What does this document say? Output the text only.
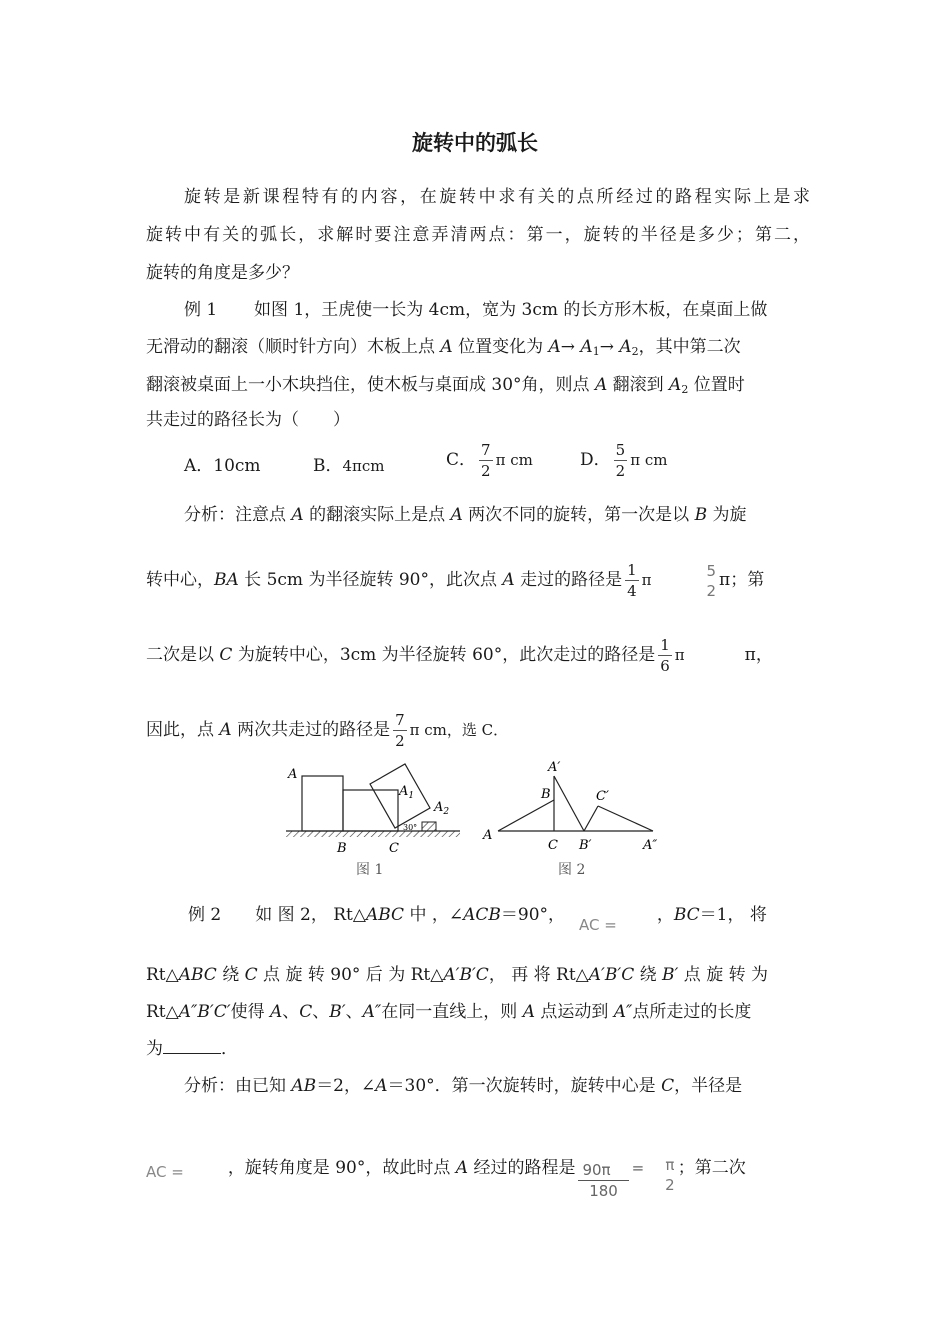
旋转中的弧长
旋转是新课程特有的内容，在旋转中求有关的点所经过的路程实际上是求
旋转中有关的弧长，求解时要注意弄清两点：第一，旋转的半径是多少；第二，
旋转的角度是多少？
例 1 如图 1，王虎使一长为 4cm，宽为 3cm 的长方形木板，在桌面上做
无滑动的翻滚（顺时针方向）木板上点 A 位置变化为 $A\to A_1\to A_2$，其中第二次
翻滚被桌面上一小木块挡住，使木板与桌面成 30°角，则点 A 翻滚到 $A_2$ 位置时
共走过的路径长为（　　）
A．10cm	B．4πcm	C． $\frac{7}{2}$ π cm	D． $\frac{5}{2}$ π cm
分析：注意点 A 的翻滚实际上是点 A 两次不同的旋转，第一次是以 B 为旋
转中心，BA 长 5cm 为半径旋转 90°，此次点 A 走过的路径是 $\frac{1}{4}$ π
5
2
π；第
二次是以 C 为旋转中心，3cm 为半径旋转 60°，此次走过的路径是 $\frac{1}{6}$ π	π，
因此，点 A 两次共走过的路径是 $\frac{7}{2}$ π cm，选 C．
A
$A_1$
$A_2$
30°
B	C
图 1
A′
B	C′
A
C B′	A″
图 2
例 2　　如 图 2， Rt△ABC 中 ，∠ACB＝90°， AC = ，BC＝1， 将
Rt△ABC 绕 C 点 旋 转 90° 后 为 Rt△A′B′C， 再 将 Rt△A′B′C 绕 B′ 点 旋 转 为
Rt△A″B′C′使得 A、C、B′、A″在同一直线上，则 A 点运动到 A″点所走过的长度
为	．
分析：由已知 AB＝2，∠A＝30°．第一次旋转时，旋转中心是 C，半径是
AC =	，旋转角度是 90°，故此时点 A 经过的路程是 $\frac{90\pi}{180} = \pi$
2
；第二次
